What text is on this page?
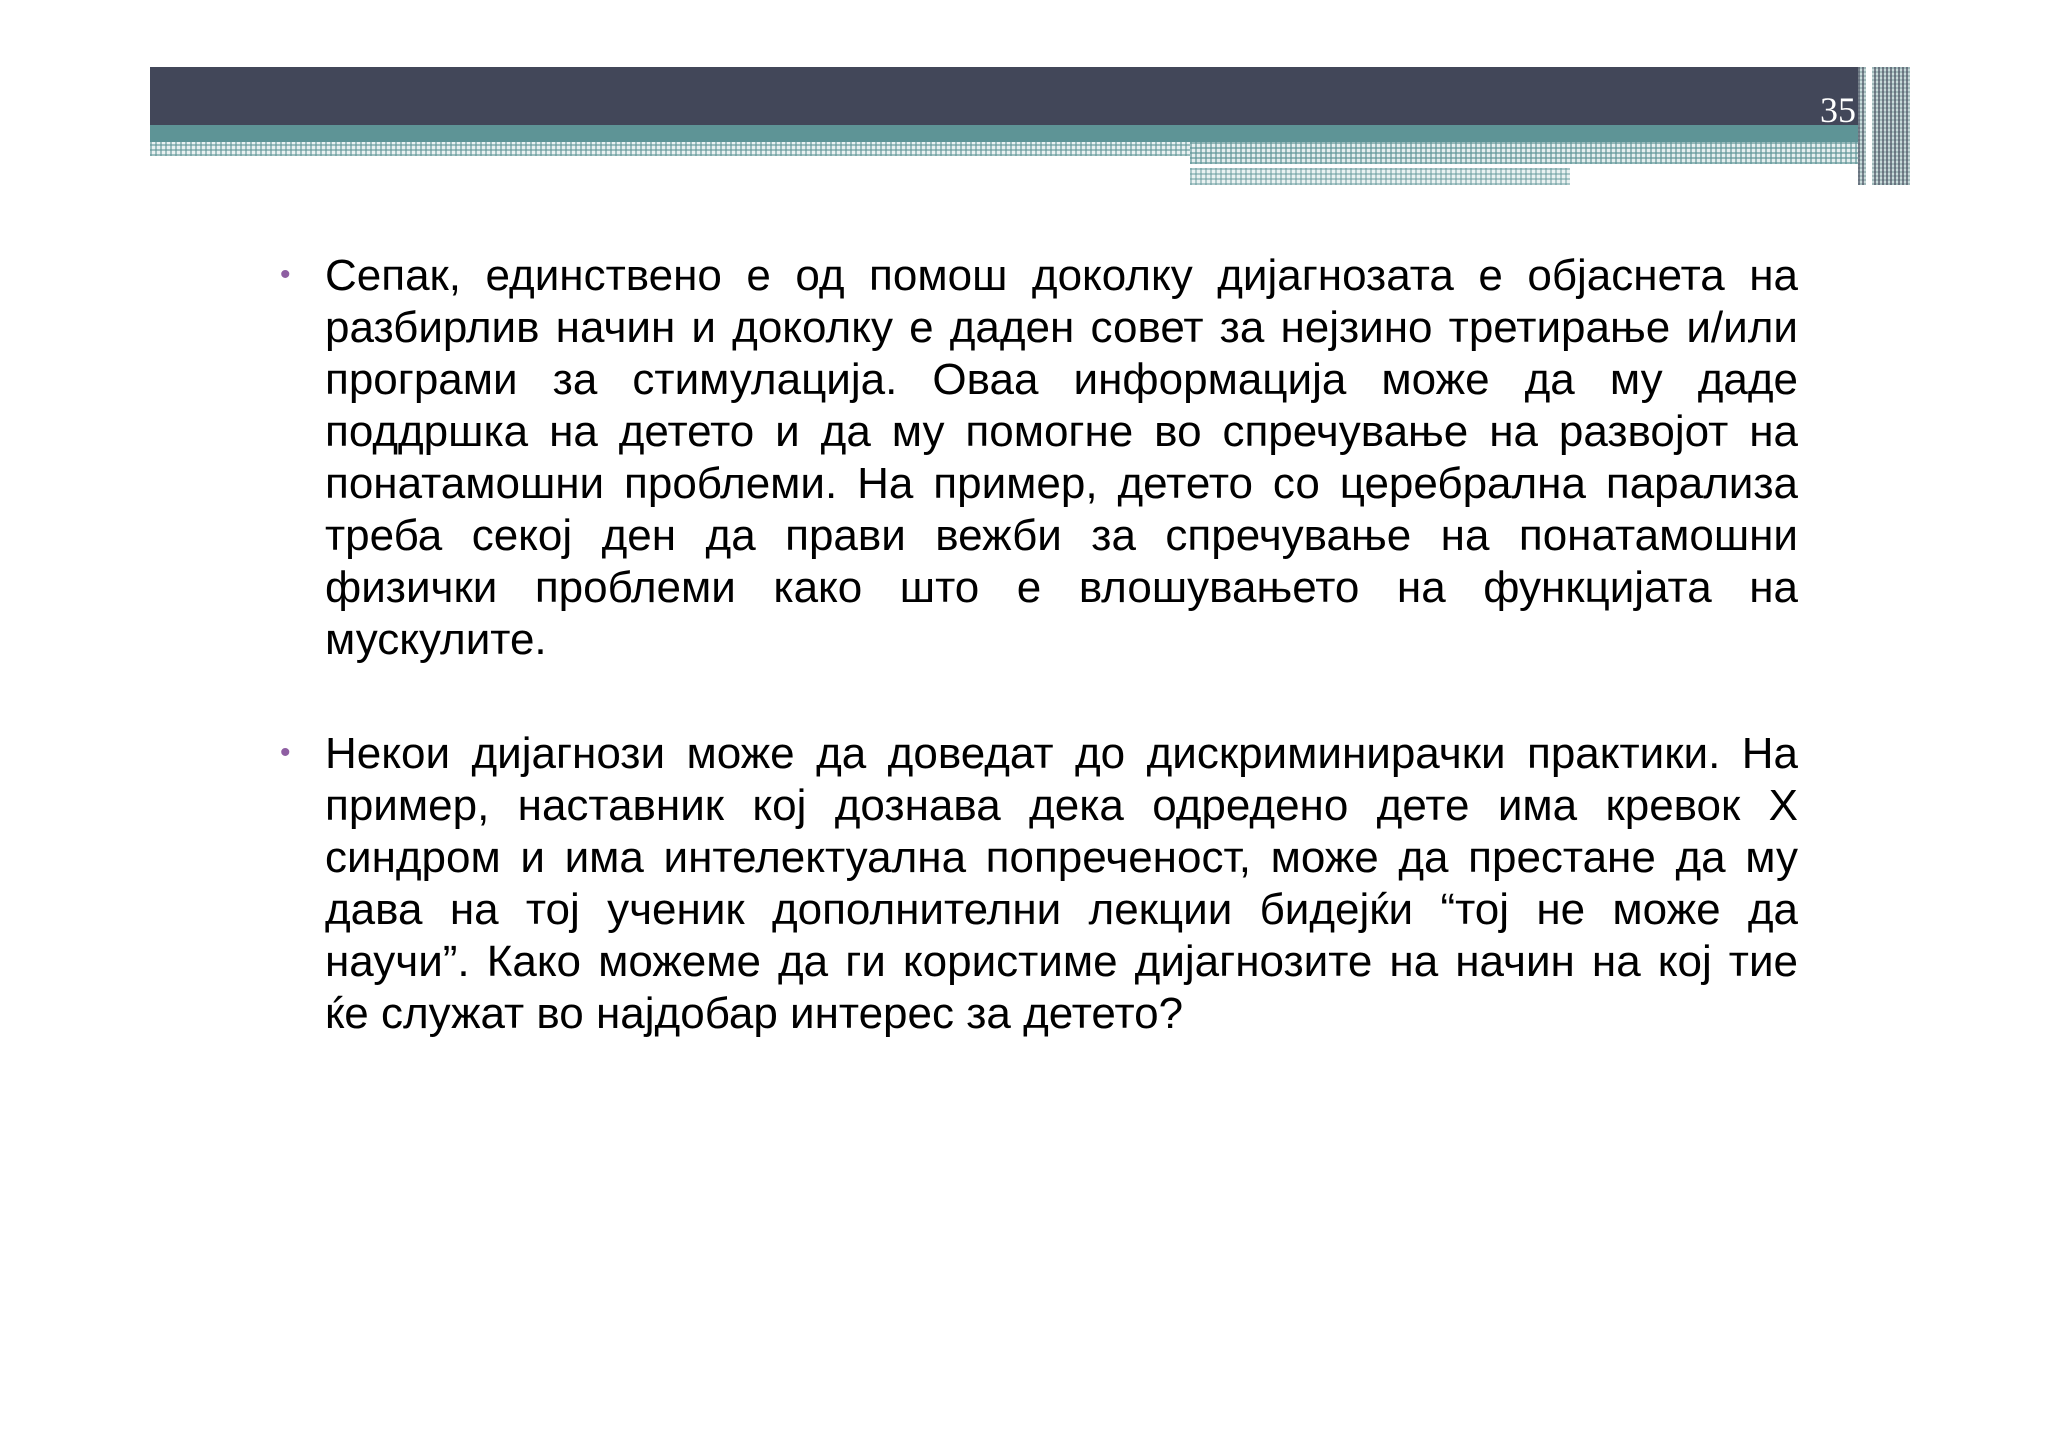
35
• Сепак, единствено е од помош доколку дијагнозата е објаснета на разбирлив начин и доколку е даден совет за нејзино третирање и/или програми за стимулација. Оваа информација може да му даде поддршка на детето и да му помогне во спречување на развојот на понатамошни проблеми. На пример, детето со церебрална парализа треба секој ден да прави вежби за спречување на понатамошни физички проблеми како што е влошувањето на функцијата на мускулите.

• Некои дијагнози може да доведат до дискриминирачки практики. На пример, наставник кој дознава дека одредено дете има кревок X синдром и има интелектуална попреченост, може да престане да му дава на тој ученик дополнителни лекции бидејќи “тој не може да научи”. Како можеме да ги користиме дијагнозите на начин на кој тие ќе служат во најдобар интерес за детето?
